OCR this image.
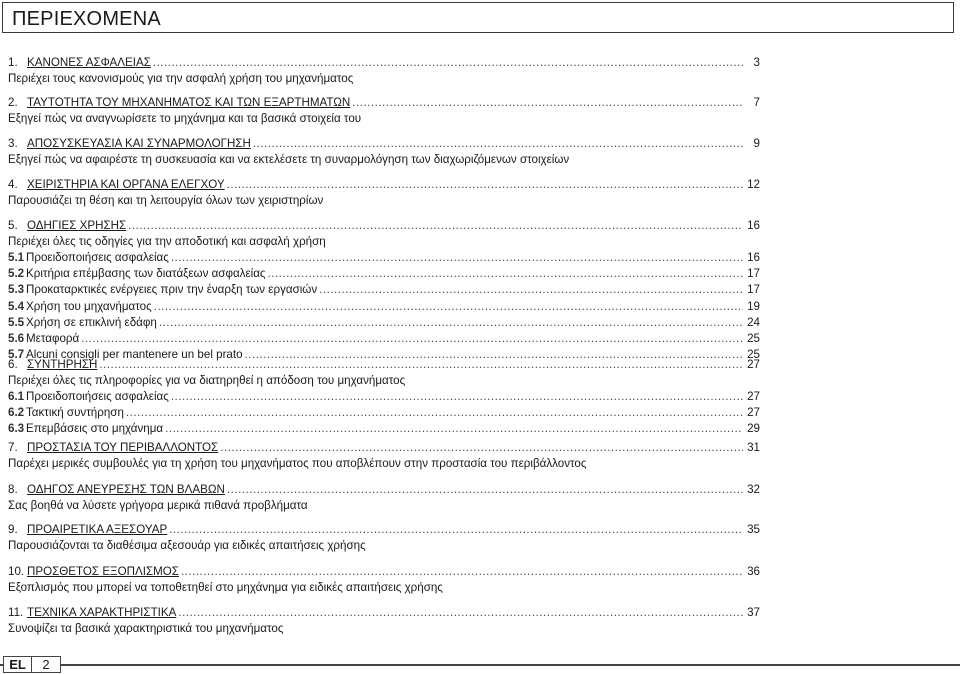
ΠΕΡΙΕΧΟΜΕΝΑ
1. ΚΑΝΟΝΕΣ ΑΣΦΑΛΕΙΑΣ .....	3
Περιέχει τους κανονισμούς για την ασφαλή χρήση του μηχανήματος
2. ΤΑΥΤΟΤΗΤΑ ΤΟΥ ΜΗΧΑΝΗΜΑΤΟΣ ΚΑΙ ΤΩΝ ΕΞΑΡΤΗΜΑΤΩΝ .....	7
Εξηγεί πώς να αναγνωρίσετε το μηχάνημα και τα βασικά στοιχεία του
3. ΑΠΟΣΥΣΚΕΥΑΣΙΑ ΚΑΙ ΣΥΝΑΡΜΟΛΟΓΗΣΗ .....	9
Εξηγεί πώς να αφαιρέστε τη συσκευασία και να εκτελέσετε τη συναρμολόγηση των διαχωριζόμενων στοιχείων
4. ΧΕΙΡΙΣΤΗΡΙΑ ΚΑΙ ΟΡΓΑΝΑ ΕΛΕΓΧΟΥ .....	12
Παρουσιάζει τη θέση και τη λειτουργία όλων των χειριστηρίων
5. ΟΔΗΓΙΕΣ ΧΡΗΣΗΣ .....	16
Περιέχει όλες τις οδηγίες για την αποδοτική και ασφαλή χρήση
5.1 Προειδοποιήσεις ασφαλείας .....	16
5.2 Κριτήρια επέμβασης των διατάξεων ασφαλείας .....	17
5.3 Προκαταρκτικές ενέργειες πριν την έναρξη των εργασιών .....	17
5.4 Χρήση του μηχανήματος .....	19
5.5 Χρήση σε επικλινή εδάφη .....	24
5.6 Μεταφορά .....	25
5.7 Alcuni consigli per mantenere un bel prato .....	25
6. ΣΥΝΤΗΡΗΣΗ .....	27
Περιέχει όλες τις πληροφορίες για να διατηρηθεί η απόδοση του μηχανήματος
6.1 Προειδοποιήσεις ασφαλείας .....	27
6.2 Τακτική συντήρηση .....	27
6.3 Επεμβάσεις στο μηχάνημα .....	29
7. ΠΡΟΣΤΑΣΙΑ ΤΟΥ ΠΕΡΙΒΑΛΛΟΝΤΟΣ .....	31
Παρέχει μερικές συμβουλές για τη χρήση του μηχανήματος που αποβλέπουν στην προστασία του περιβάλλοντος
8. ΟΔΗΓΟΣ ΑΝΕΥΡΕΣΗΣ ΤΩΝ ΒΛΑΒΩΝ .....	32
Σας βοηθά να λύσετε γρήγορα μερικά πιθανά προβλήματα
9. ΠΡΟΑΙΡΕΤΙΚΑ ΑΞΕΣΟΥΑΡ .....	35
Παρουσιάζονται τα διαθέσιμα αξεσουάρ για ειδικές απαιτήσεις χρήσης
10. ΠΡΟΣΘΕΤΟΣ ΕΞΟΠΛΙΣΜΟΣ .....	36
Εξοπλισμός που μπορεί να τοποθετηθεί στο μηχάνημα για ειδικές απαιτήσεις χρήσης
11. ΤΕΧΝΙΚΑ ΧΑΡΑΚΤΗΡΙΣΤΙΚΑ .....	37
Συνοψίζει τα βασικά χαρακτηριστικά του μηχανήματος
EL	2
